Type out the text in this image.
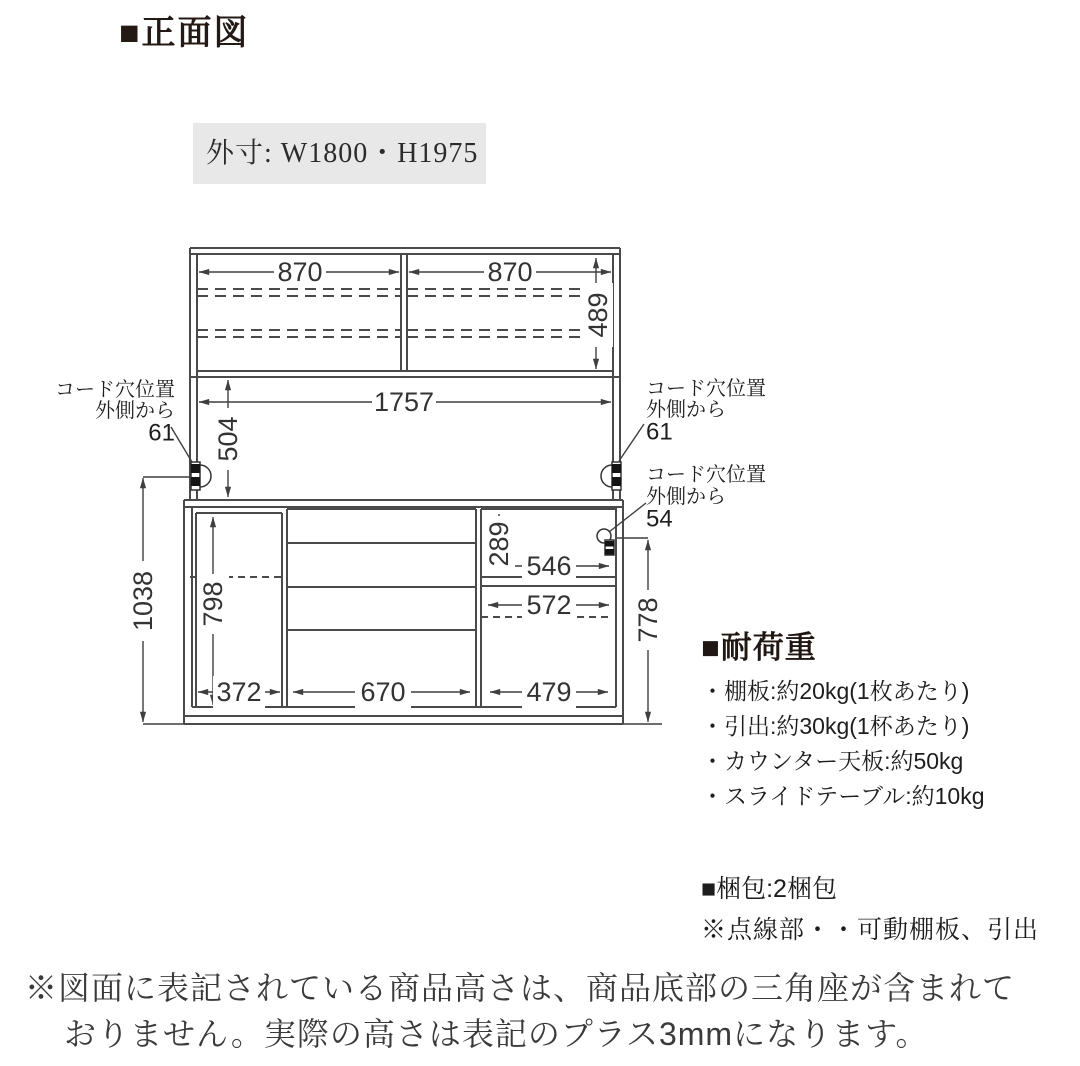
■正面図
外寸: W1800・H1975
870	870
489
1757
504
798
1038
289 546
572
372	670	479
778
コード穴位置
外側から
61
コード穴位置
外側から
61
コード穴位置
外側から
54
■耐荷重
・棚板:約20kg(1枚あたり)
・引出:約30kg(1杯あたり)
・カウンター天板:約50kg
・スライドテーブル:約10kg
■梱包:2梱包
※点線部・・可動棚板、引出
※図面に表記されている商品高さは、商品底部の三角座が含まれて
おりません。実際の高さは表記のプラス3mmになります。
